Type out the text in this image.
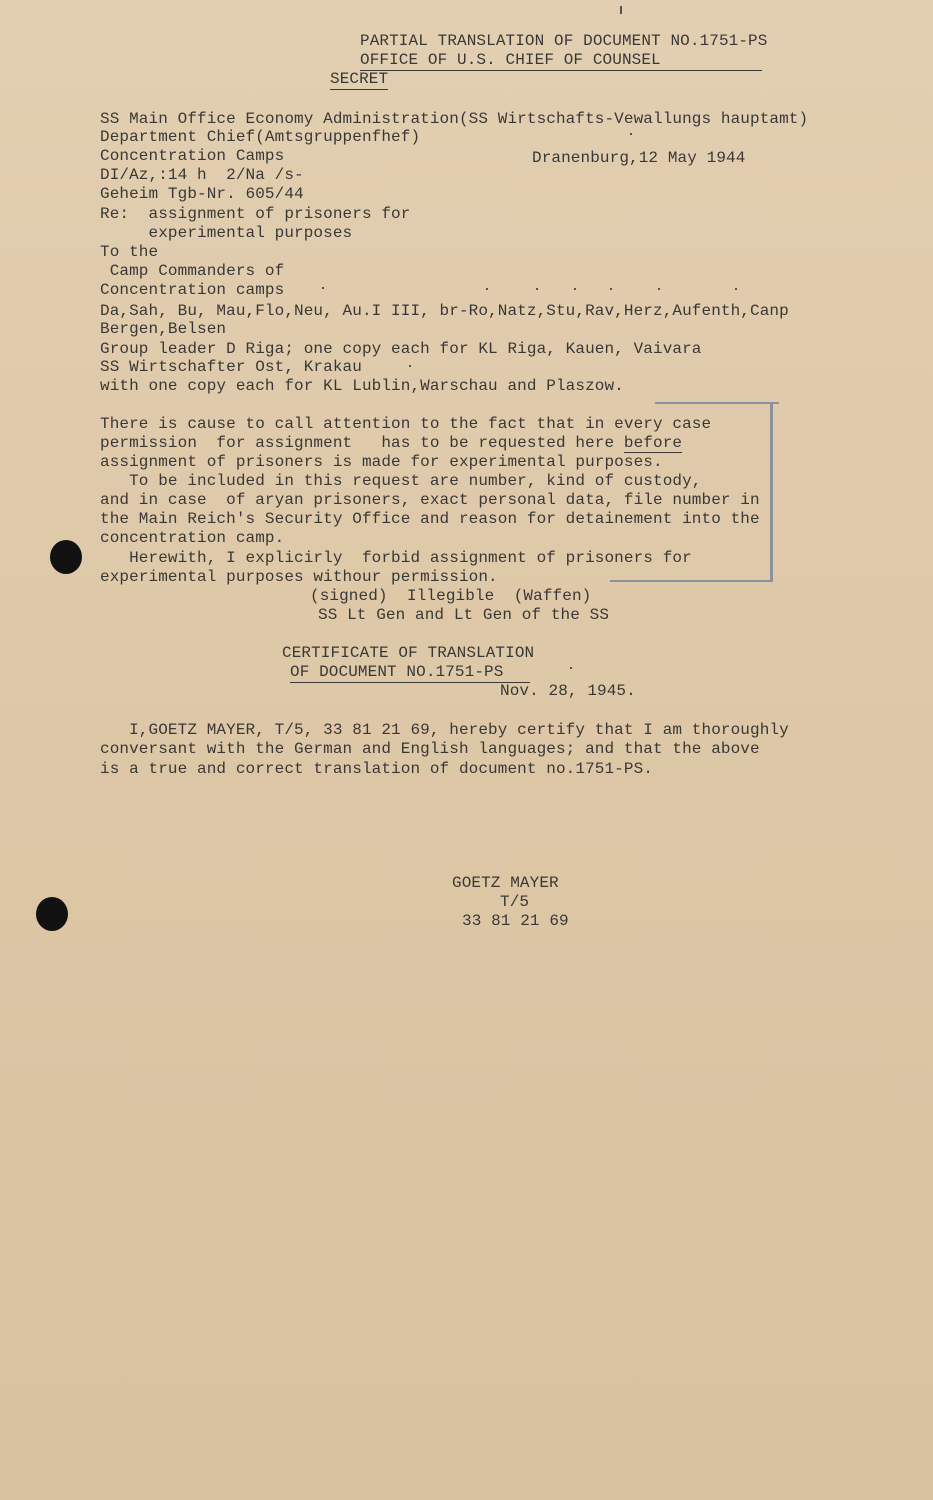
PARTIAL TRANSLATION OF DOCUMENT NO.1751-PS
OFFICE OF U.S. CHIEF OF COUNSEL
SECRET
SS Main Office Economy Administration(SS Wirtschafts-Vewallungs hauptamt)
Department Chief(Amtsgruppenfhef)
Concentration Camps	Dranenburg,12 May 1944
DI/Az,:14 h  2/Na /s-
Geheim Tgb-Nr. 605/44
Re:  assignment of prisoners for
experimental purposes
To the
Camp Commanders of
Concentration camps
Da,Sah, Bu, Mau,Flo,Neu, Au.I III, br-Ro,Natz,Stu,Rav,Herz,Aufenth,Canp
Bergen,Belsen
Group leader D Riga; one copy each for KL Riga, Kauen, Vaivara
SS Wirtschafter Ost, Krakau
with one copy each for KL Lublin,Warschau and Plaszow.
There is cause to call attention to the fact that in every case
permission  for assignment   has to be requested here before
assignment of prisoners is made for experimental purposes.
To be included in this request are number, kind of custody,
and in case  of aryan prisoners, exact personal data, file number in
the Main Reich's Security Office and reason for detainement into the
concentration camp.
Herewith, I explicirly  forbid assignment of prisoners for
experimental purposes withour permission.
(signed)  Illegible  (Waffen)
SS Lt Gen and Lt Gen of the SS
CERTIFICATE OF TRANSLATION
OF DOCUMENT NO.1751-PS
Nov. 28, 1945.
I,GOETZ MAYER, T/5, 33 81 21 69, hereby certify that I am thoroughly
conversant with the German and English languages; and that the above
is a true and correct translation of document no.1751-PS.
GOETZ MAYER
T/5
33 81 21 69
